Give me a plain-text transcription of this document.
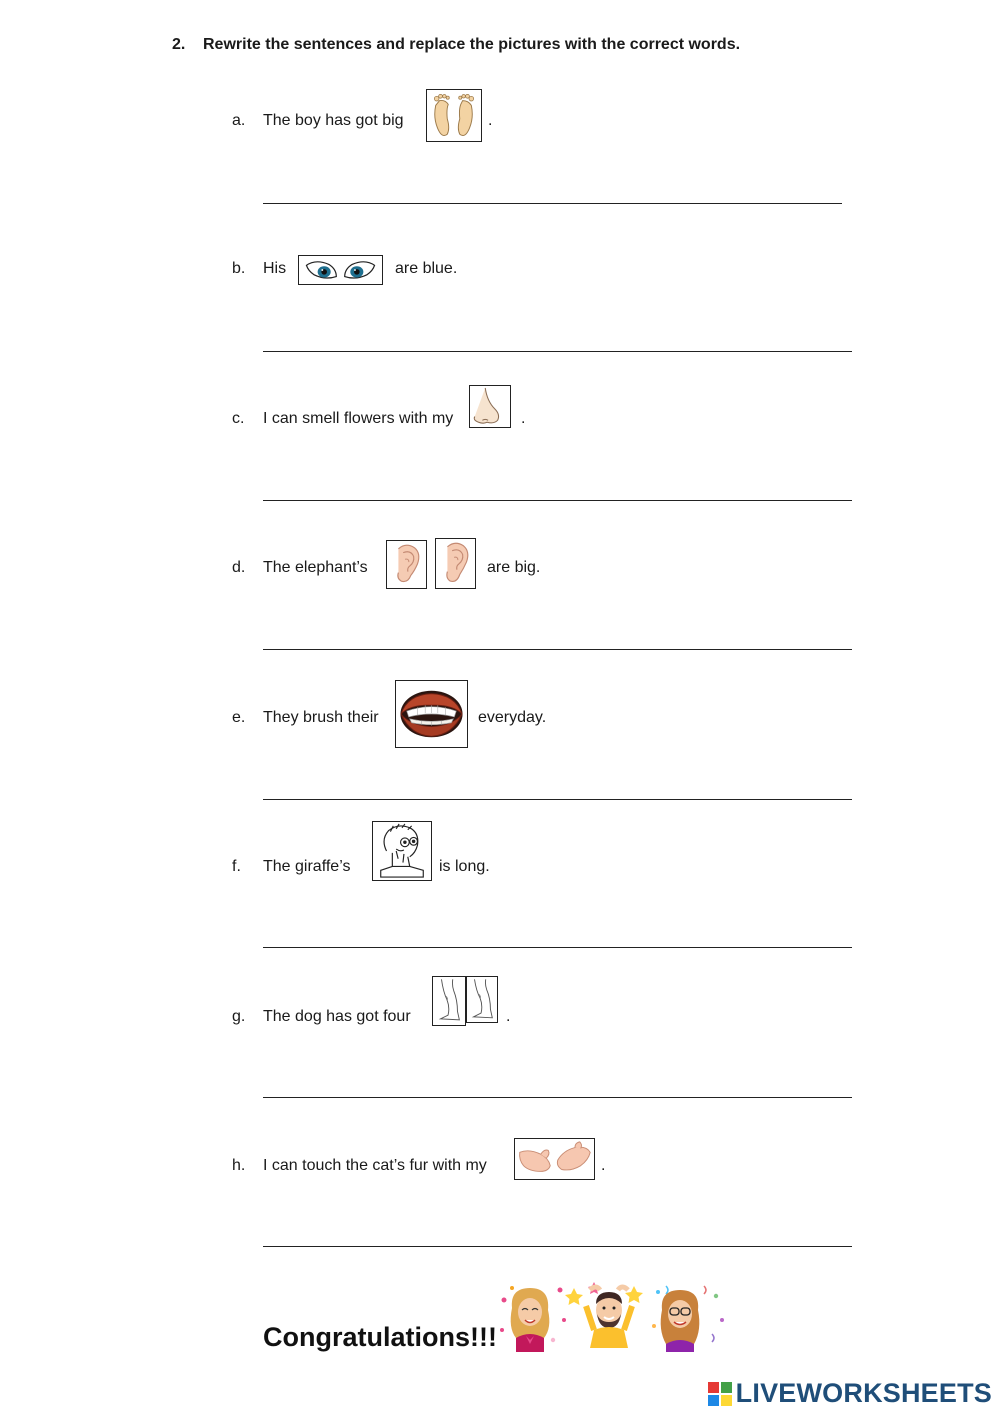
2. Rewrite the sentences and replace the pictures with the correct words.
a. The boy has got big	.
b. His	are blue.
c. I can smell flowers with my	.
d. The elephant’s	are big.
e. They brush their	everyday.
f. The giraffe’s	is long.
g. The dog has got four	.
h. I can touch the cat’s fur with my	.
Congratulations!!!
LIVEWORKSHEETS
